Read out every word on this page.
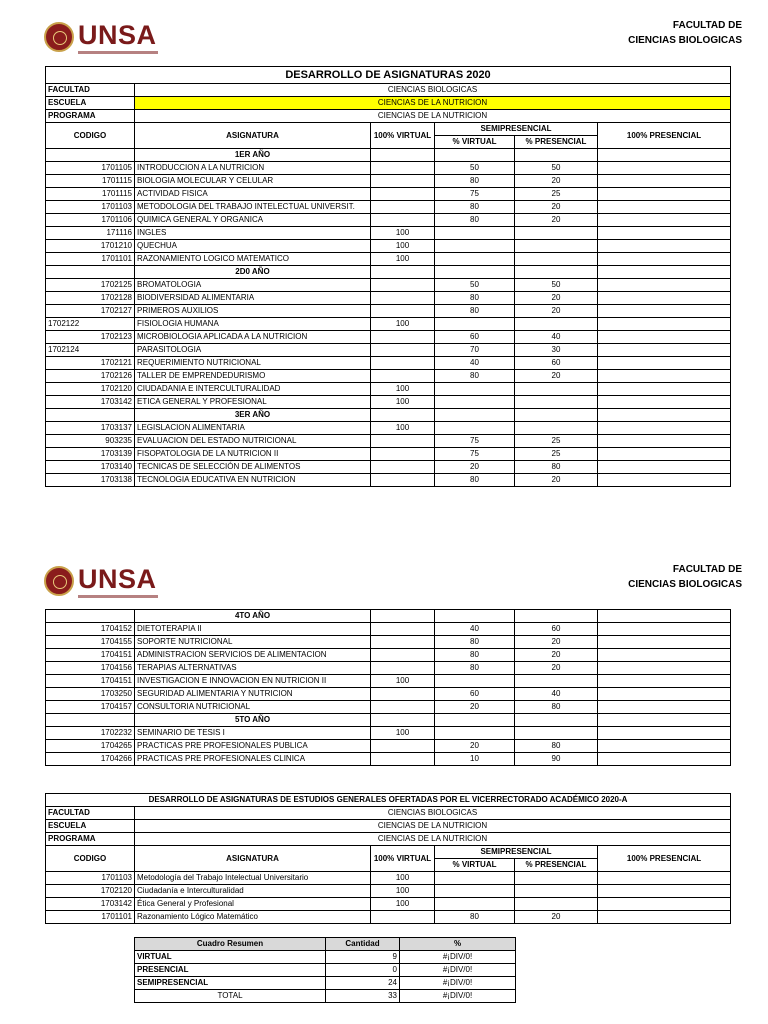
UNSA	FACULTAD DE
CIENCIAS BIOLOGICAS
DESARROLLO DE ASIGNATURAS 2020					
FACULTAD	CIENCIAS BIOLOGICAS				
ESCUELA	CIENCIAS DE LA NUTRICION				
PROGRAMA	CIENCIAS DE LA NUTRICION				
CODIGO	ASIGNATURA	100% VIRTUAL	SEMIPRESENCIAL		100% PRESENCIAL
			% VIRTUAL	% PRESENCIAL	
	1ER AÑO				
1701105	INTRODUCCION A LA NUTRICION		50	50	
1701115	BIOLOGIA MOLECULAR Y CELULAR		80	20	
1701115	ACTIVIDAD FISICA		75	25	
1701103	METODOLOGIA DEL TRABAJO INTELECTUAL UNIVERSIT.		80	20	
1701106	QUIMICA GENERAL Y ORGANICA		80	20	
171116	INGLES	100			
1701210	QUECHUA	100			
1701101	RAZONAMIENTO LOGICO MATEMATICO	100			
	2D0 AÑO				
1702125	BROMATOLOGIA		50	50	
1702128	BIODIVERSIDAD ALIMENTARIA		80	20	
1702127	PRIMEROS AUXILIOS		80	20	
1702122	FISIOLOGIA HUMANA	100			
1702123	MICROBIOLOGIA APLICADA A LA NUTRICION		60	40	
1702124	PARASITOLOGIA		70	30	
1702121	REQUERIMIENTO NUTRICIONAL		40	60	
1702126	TALLER DE EMPRENDEDURISMO		80	20	
1702120	CIUDADANIA E INTERCULTURALIDAD	100			
1703142	ETICA GENERAL Y PROFESIONAL	100			
	3ER AÑO				
1703137	LEGISLACION ALIMENTARIA	100			
903235	EVALUACION DEL ESTADO NUTRICIONAL		75	25	
1703139	FISOPATOLOGIA DE LA NUTRICION II		75	25	
1703140	TECNICAS DE SELECCIÓN DE ALIMENTOS		20	80	
1703138	TECNOLOGIA EDUCATIVA EN NUTRICION		80	20	
UNSA	FACULTAD DE
CIENCIAS BIOLOGICAS
	4TO AÑO				
1704152	DIETOTERAPIA II		40	60	
1704155	SOPORTE NUTRICIONAL		80	20	
1704151	ADMINISTRACION SERVICIOS DE ALIMENTACION		80	20	
1704156	TERAPIAS ALTERNATIVAS		80	20	
1704151	INVESTIGACION E INNOVACION EN NUTRICION II	100			
1703250	SEGURIDAD ALIMENTARIA Y NUTRICION		60	40	
1704157	CONSULTORIA NUTRICIONAL		20	80	
	5TO AÑO				
1702232	SEMINARIO DE TESIS I	100			
1704265	PRACTICAS PRE PROFESIONALES PUBLICA		20	80	
1704266	PRACTICAS PRE PROFESIONALES CLINICA		10	90	
DESARROLLO DE ASIGNATURAS DE ESTUDIOS GENERALES OFERTADAS POR EL VICERRECTORADO ACADÉMICO 2020-A					
FACULTAD	CIENCIAS BIOLOGICAS				
ESCUELA	CIENCIAS DE LA NUTRICION				
PROGRAMA	CIENCIAS DE LA NUTRICION				
CODIGO	ASIGNATURA	100% VIRTUAL	SEMIPRESENCIAL		100% PRESENCIAL
			% VIRTUAL	% PRESENCIAL	
1701103	Metodología del Trabajo Intelectual Universitario	100			
1702120	Ciudadanía e Interculturalidad	100			
1703142	Ética General y Profesional	100			
1701101	Razonamiento Lógico Matemático		80	20	
Cuadro Resumen	Cantidad	%
VIRTUAL	9	#¡DIV/0!
PRESENCIAL	0	#¡DIV/0!
SEMIPRESENCIAL	24	#¡DIV/0!
TOTAL	33	#¡DIV/0!
